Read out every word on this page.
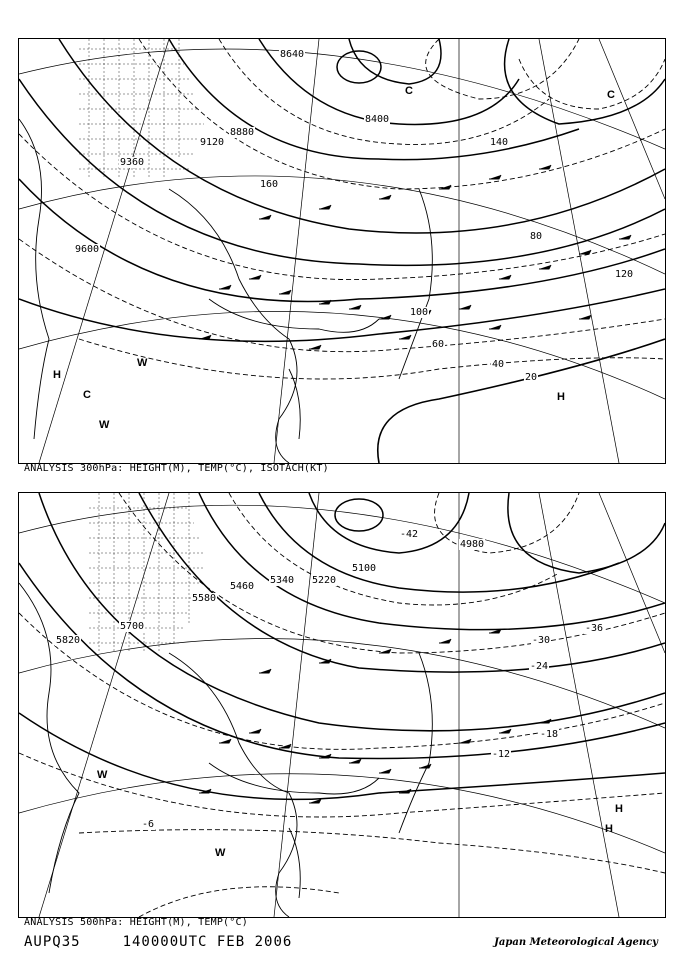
8640
8400
8880
9120
9360
9600
40
60
80
100
120
140
160
20
H
C
W
C
H
C
W
ANALYSIS 300hPa: HEIGHT(M), TEMP(°C), ISOTACH(KT)
5100
5220
5340
5460
5580
5700
5820
4980
-42
-36
-30
-24
-18
-12
-6
W
H
W
H
ANALYSIS 500hPa: HEIGHT(M), TEMP(°C)
AUPQ35	140000UTC FEB 2006	Japan Meteorological Agency
